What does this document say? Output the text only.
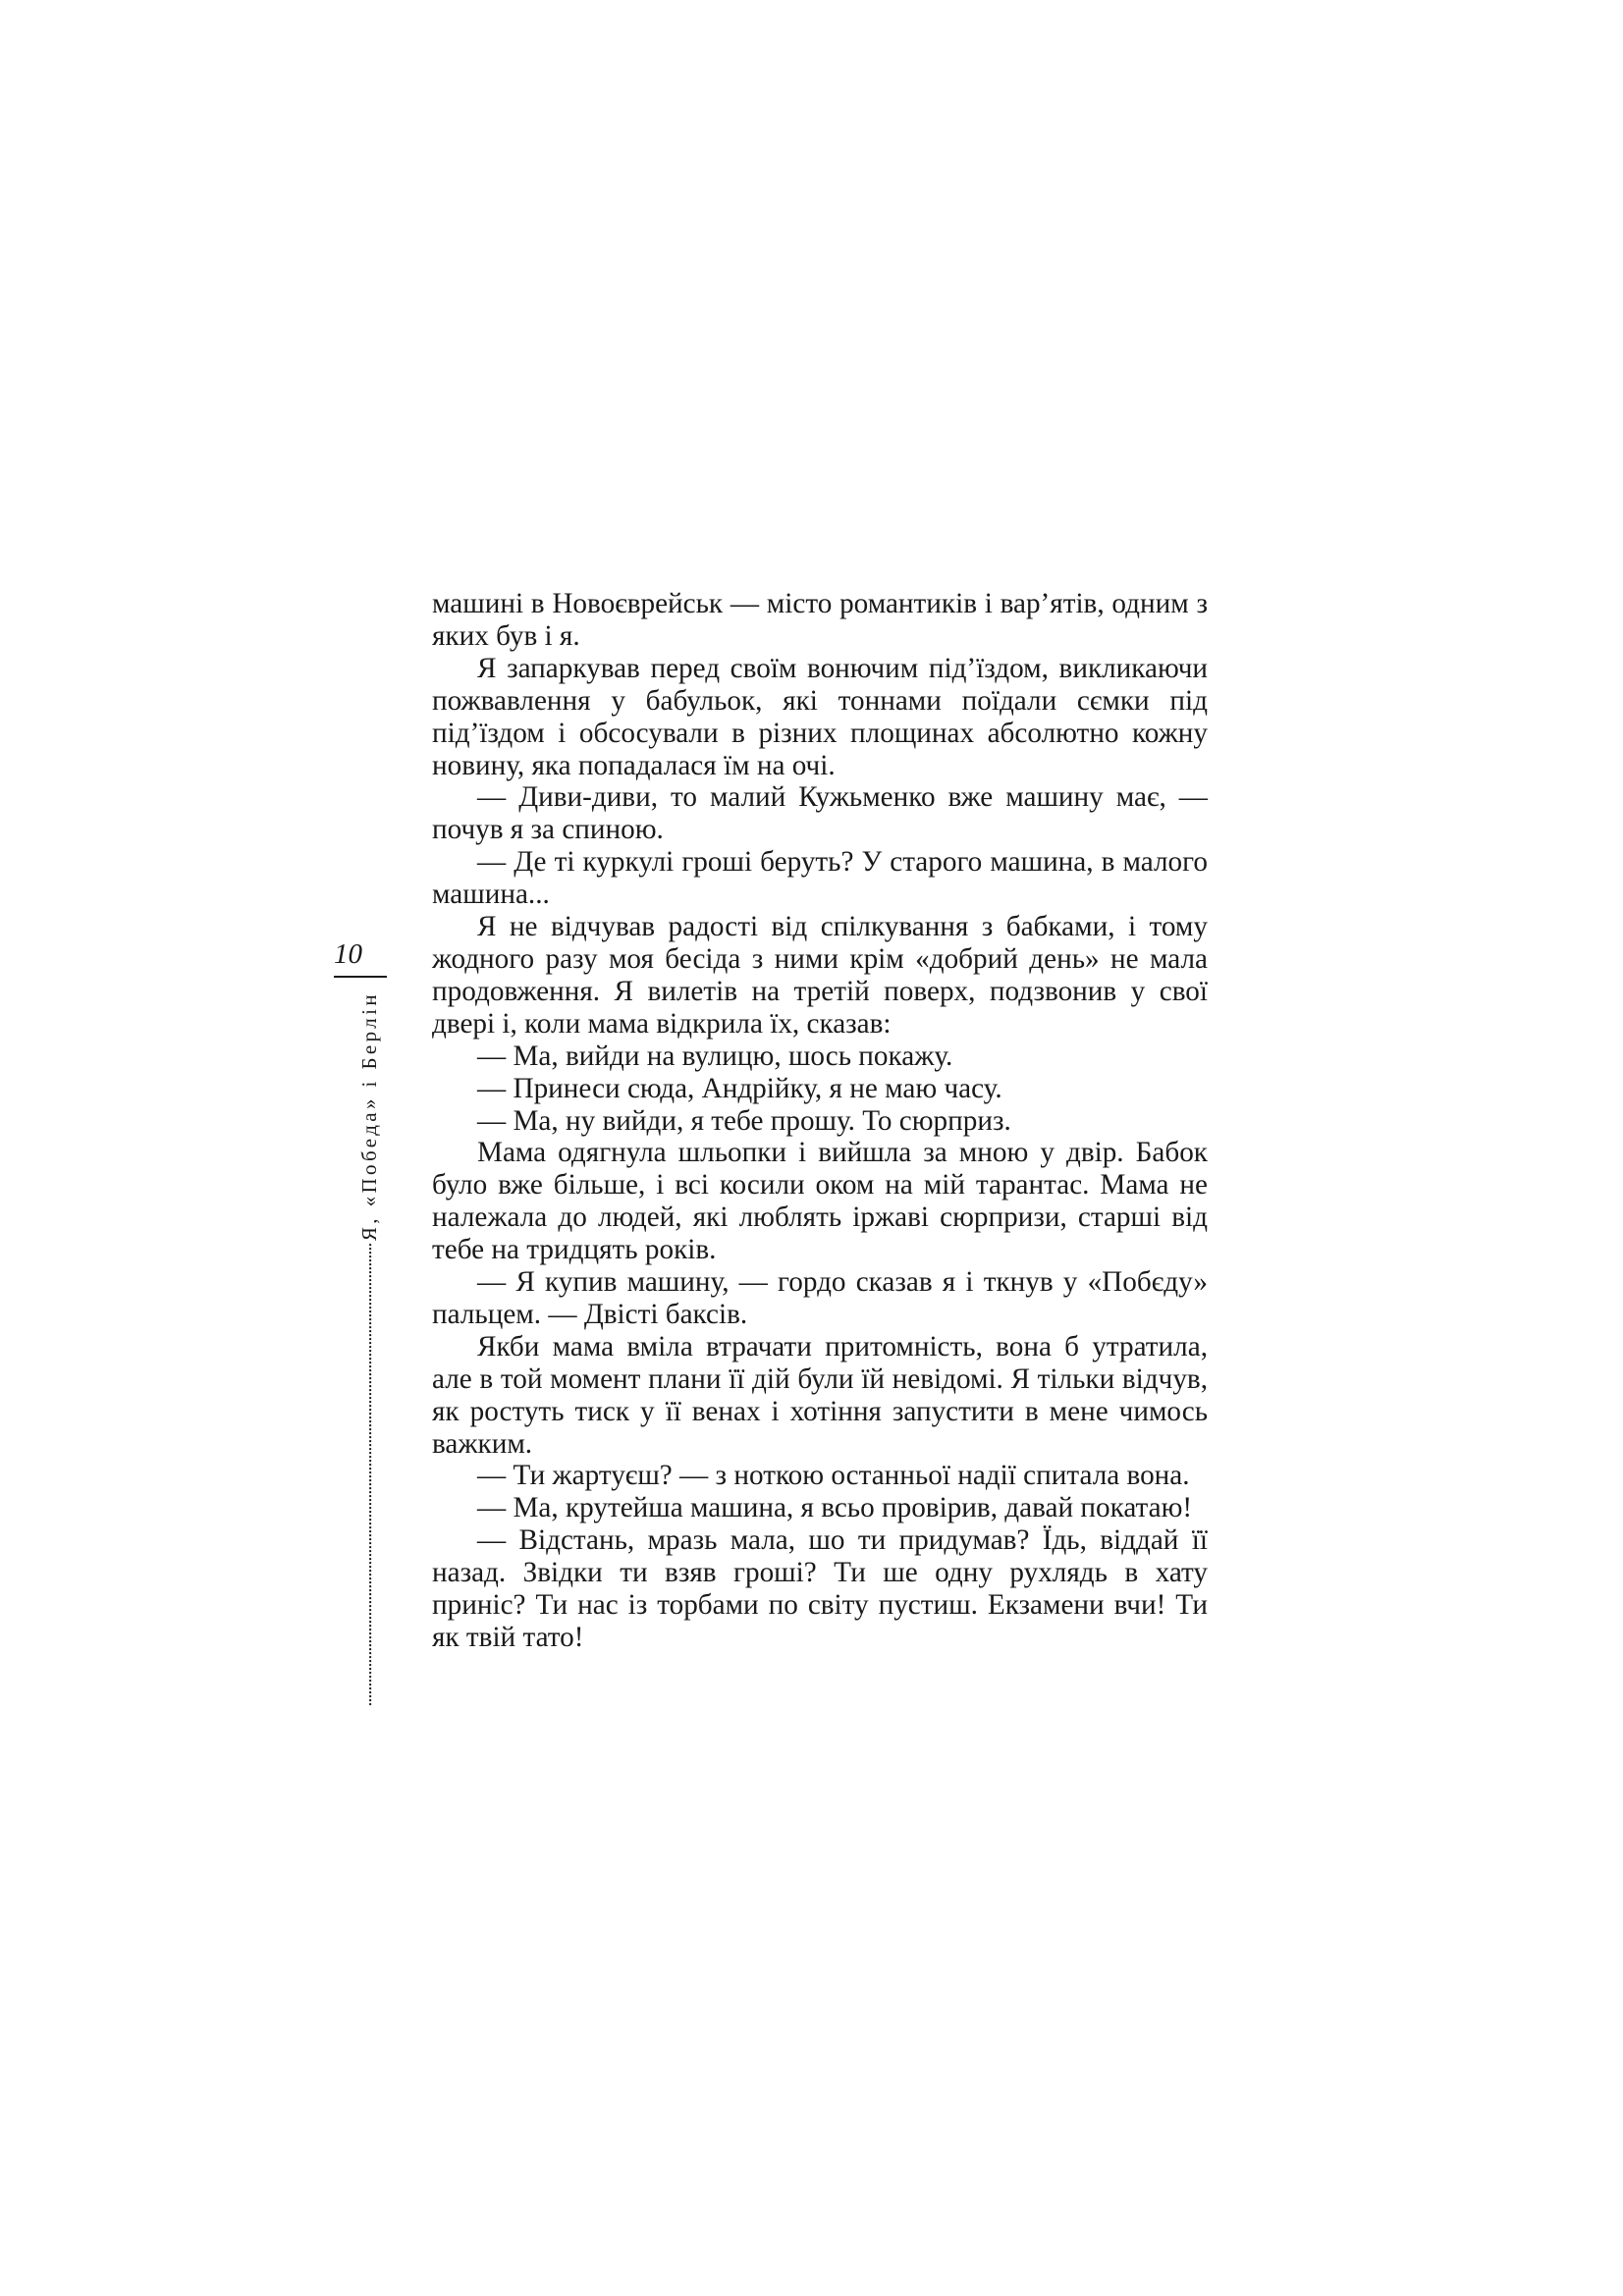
10
Я, «Победа» і Берлін

машині в Новоєврейськ — місто романтиків і вар’ятів, одним з яких був і я.

Я запаркував перед своїм вонючим під’їздом, викликаючи пожвавлення у бабульок, які тоннами поїдали сємки під під’їздом і обсосували в різних площинах абсолютно кожну новину, яка попадалася їм на очі.

— Диви-диви, то малий Кужьменко вже машину має, — почув я за спиною.

— Де ті куркулі гроші беруть? У старого машина, в малого машина...

Я не відчував радості від спілкування з бабками, і тому жодного разу моя бесіда з ними крім «добрий день» не мала продовження. Я вилетів на третій поверх, подзвонив у свої двері і, коли мама відкрила їх, сказав:

— Ма, вийди на вулицю, шось покажу.

— Принеси сюда, Андрійку, я не маю часу.

— Ма, ну вийди, я тебе прошу. То сюрприз.

Мама одягнула шльопки і вийшла за мною у двір. Бабок було вже більше, і всі косили оком на мій тарантас. Мама не належала до людей, які люблять іржаві сюрпризи, старші від тебе на тридцять років.

— Я купив машину, — гордо сказав я і ткнув у «Побєду» пальцем. — Двісті баксів.

Якби мама вміла втрачати притомність, вона б утратила, але в той момент плани її дій були їй невідомі. Я тільки відчув, як ростуть тиск у її венах і хотіння запустити в мене чимось важким.

— Ти жартуєш? — з ноткою останньої надії спитала вона.

— Ма, крутейша машина, я всьо провірив, давай покатаю!

— Відстань, мразь мала, шо ти придумав? Їдь, віддай її назад. Звідки ти взяв гроші? Ти ше одну рухлядь в хату приніс? Ти нас із торбами по світу пустиш. Екзамени вчи! Ти як твій тато!
